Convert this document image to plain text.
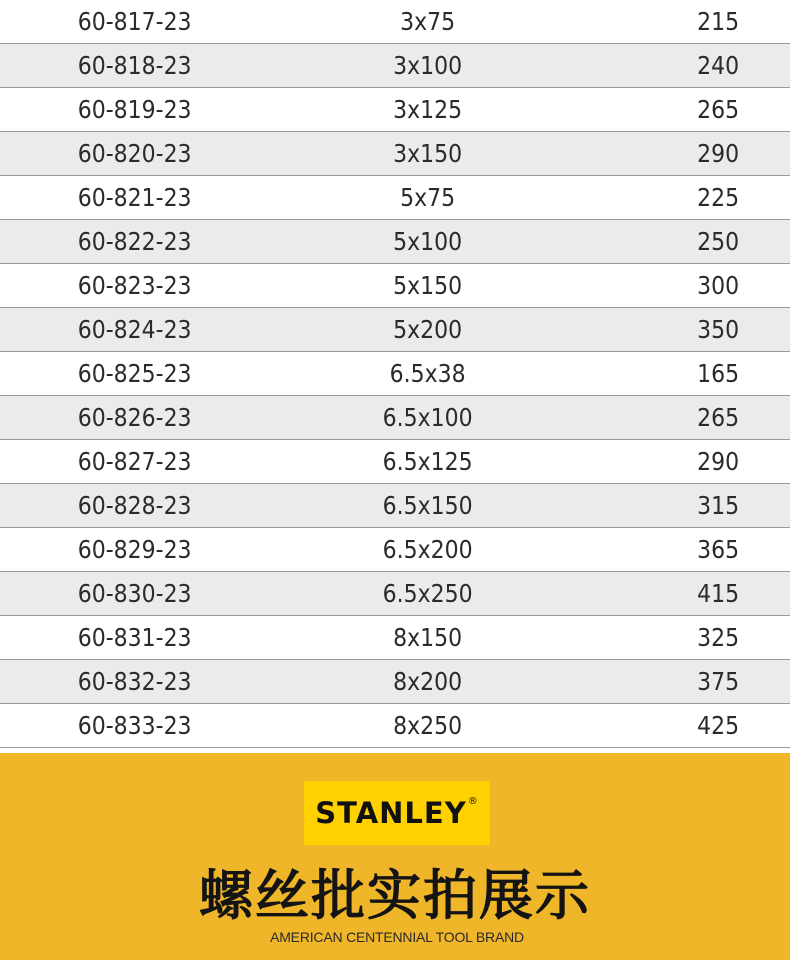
60-817-23	3x75	215
60-818-23	3x100	240
60-819-23	3x125	265
60-820-23	3x150	290
60-821-23	5x75	225
60-822-23	5x100	250
60-823-23	5x150	300
60-824-23	5x200	350
60-825-23	6.5x38	165
60-826-23	6.5x100	265
60-827-23	6.5x125	290
60-828-23	6.5x150	315
60-829-23	6.5x200	365
60-830-23	6.5x250	415
60-831-23	8x150	325
60-832-23	8x200	375
60-833-23	8x250	425
STANLEY®
螺丝批实拍展示
AMERICAN CENTENNIAL TOOL BRAND
